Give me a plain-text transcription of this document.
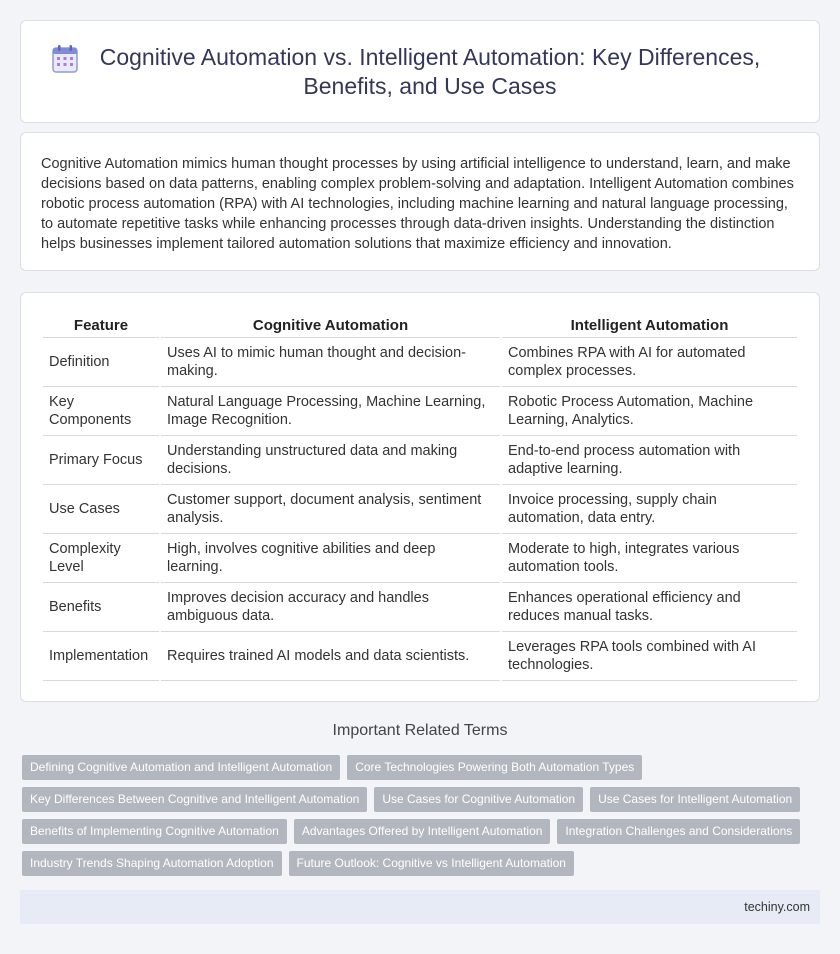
Cognitive Automation vs. Intelligent Automation: Key Differences,
Benefits, and Use Cases

Cognitive Automation mimics human thought processes by using artificial intelligence to understand, learn, and make decisions based on data patterns, enabling complex problem-solving and adaptation. Intelligent Automation combines robotic process automation (RPA) with AI technologies, including machine learning and natural language processing, to automate repetitive tasks while enhancing processes through data-driven insights. Understanding the distinction helps businesses implement tailored automation solutions that maximize efficiency and innovation.

Feature	Cognitive Automation	Intelligent Automation
Definition	Uses AI to mimic human thought and decision-making.	Combines RPA with AI for automated complex processes.
Key Components	Natural Language Processing, Machine Learning, Image Recognition.	Robotic Process Automation, Machine Learning, Analytics.
Primary Focus	Understanding unstructured data and making decisions.	End-to-end process automation with adaptive learning.
Use Cases	Customer support, document analysis, sentiment analysis.	Invoice processing, supply chain automation, data entry.
Complexity Level	High, involves cognitive abilities and deep learning.	Moderate to high, integrates various automation tools.
Benefits	Improves decision accuracy and handles ambiguous data.	Enhances operational efficiency and reduces manual tasks.
Implementation	Requires trained AI models and data scientists.	Leverages RPA tools combined with AI technologies.
Important Related Terms
Defining Cognitive Automation and Intelligent Automation	Core Technologies Powering Both Automation Types
Key Differences Between Cognitive and Intelligent Automation	Use Cases for Cognitive Automation	Use Cases for Intelligent Automation
Benefits of Implementing Cognitive Automation	Advantages Offered by Intelligent Automation	Integration Challenges and Considerations
Industry Trends Shaping Automation Adoption	Future Outlook: Cognitive vs Intelligent Automation
techiny.com
